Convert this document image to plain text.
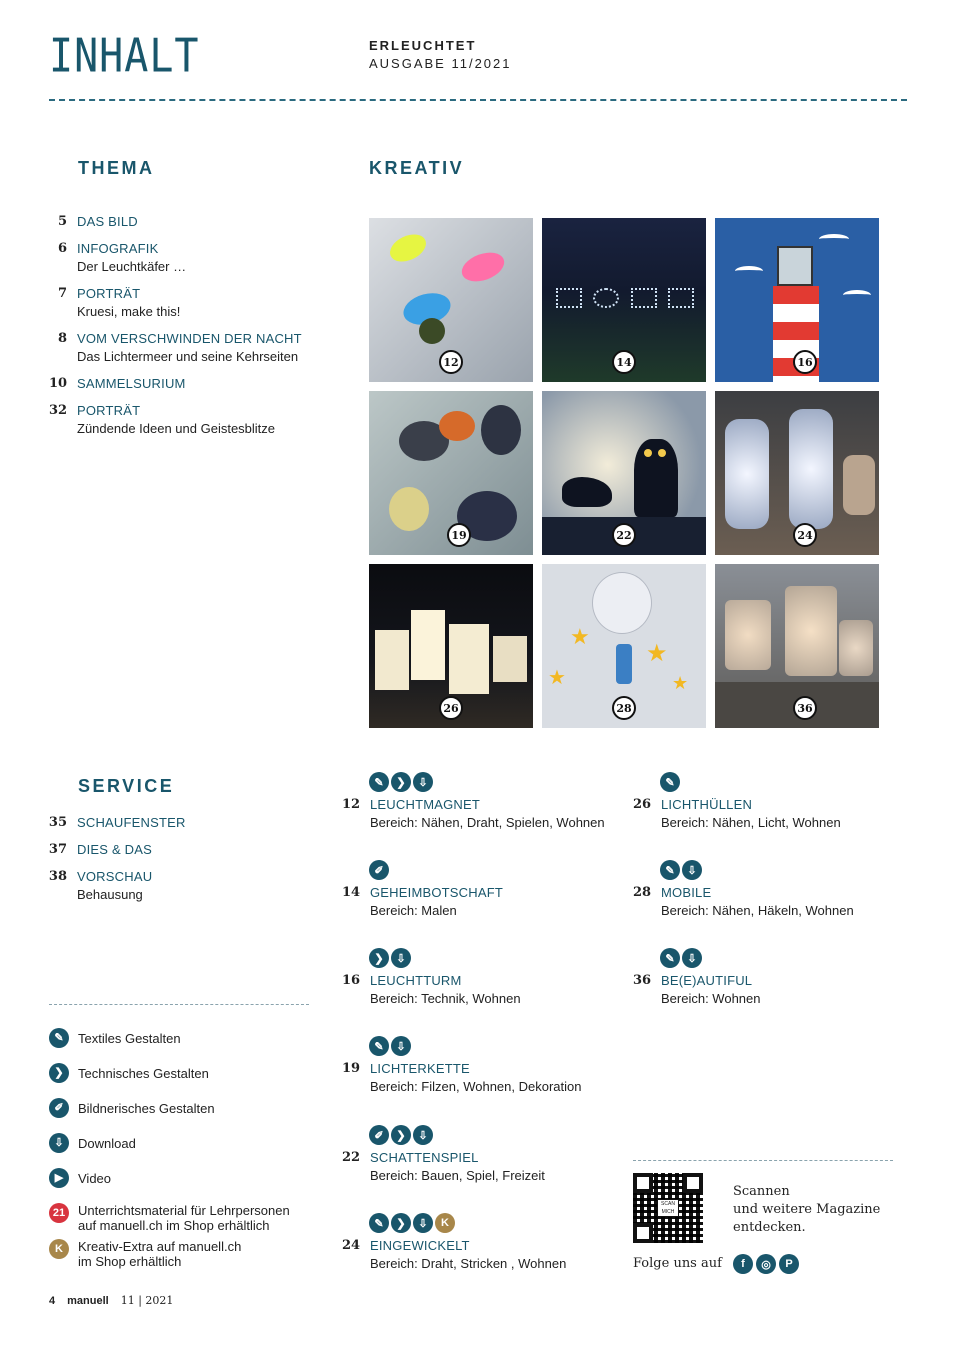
INHALT	ERLEUCHTET
AUSGABE 11/2021
THEMA
5 DAS BILD
6 INFOGRAFIK
Der Leuchtkäfer …
7 PORTRÄT
Kruesi, make this!
8 VOM VERSCHWINDEN DER NACHT
Das Lichtermeer und seine Kehrseiten
10 SAMMELSURIUM
32 PORTRÄT
Zündende Ideen und Geistesblitze
KREATIV
12	14	16
19	22	24
26
★
★
★	★
28	36
✎	❯	⇩
12 LEUCHTMAGNET
Bereich: Nähen, Draht, Spielen, Wohnen
✐
14 GEHEIMBOTSCHAFT
Bereich: Malen
❯	⇩
16 LEUCHTTURM
Bereich: Technik, Wohnen
✎	⇩
19 LICHTERKETTE
Bereich: Filzen, Wohnen, Dekoration
✐	❯	⇩
22 SCHATTENSPIEL
Bereich: Bauen, Spiel, Freizeit
✎	❯	⇩	K
24 EINGEWICKELT
Bereich: Draht, Stricken , Wohnen
✎
26 LICHTHÜLLEN
Bereich: Nähen, Licht, Wohnen
✎	⇩
28 MOBILE
Bereich: Nähen, Häkeln, Wohnen
✎	⇩
36 BE(E)AUTIFUL
Bereich: Wohnen
SERVICE
35 SCHAUFENSTER
37 DIES & DAS
38 VORSCHAU
Behausung
✎	Textiles Gestalten
❯	Technisches Gestalten
✐	Bildnerisches Gestalten
⇩	Download
▶	Video
21 Unterrichtsmaterial für Lehrpersonen
auf manuell.ch im Shop erhältlich
K	Kreativ-Extra auf manuell.ch
im Shop erhältlich
SCAN MICH
Scannen
und weitere Magazine
entdecken.
Folge uns auf	f	◎	P
4 manuell 11 | 2021
